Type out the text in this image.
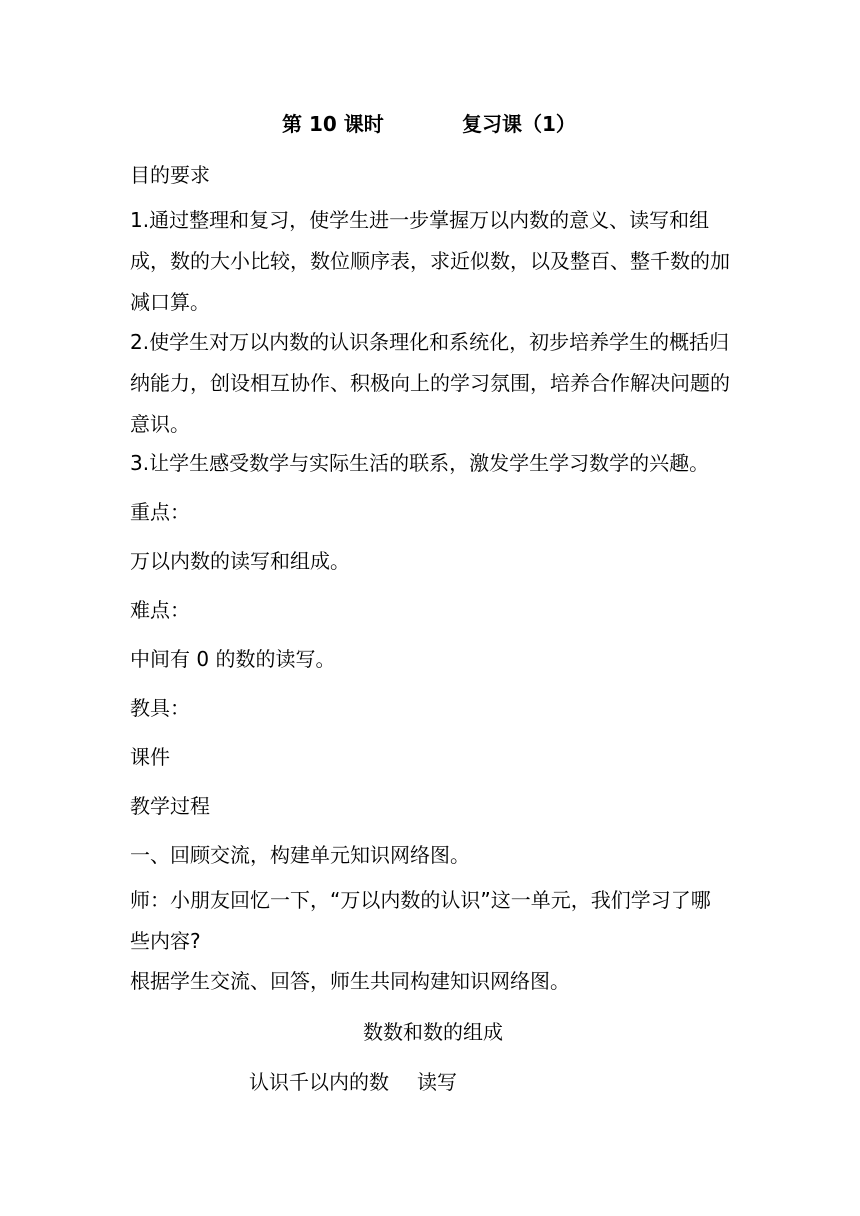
第 10 课时	复习课（1）

目的要求

1.通过整理和复习，使学生进一步掌握万以内数的意义、读写和组成，数的大小比较，数位顺序表，求近似数，以及整百、整千数的加减口算。

2.使学生对万以内数的认识条理化和系统化，初步培养学生的概括归纳能力，创设相互协作、积极向上的学习氛围，培养合作解决问题的意识。

3.让学生感受数学与实际生活的联系，激发学生学习数学的兴趣。

重点：

万以内数的读写和组成。

难点：

中间有 0 的数的读写。

教具：

课件

教学过程

一、回顾交流，构建单元知识网络图。

师：小朋友回忆一下，“万以内数的认识”这一单元，我们学习了哪些内容?

根据学生交流、回答，师生共同构建知识网络图。

数数和数的组成
认识千以内的数 读写
